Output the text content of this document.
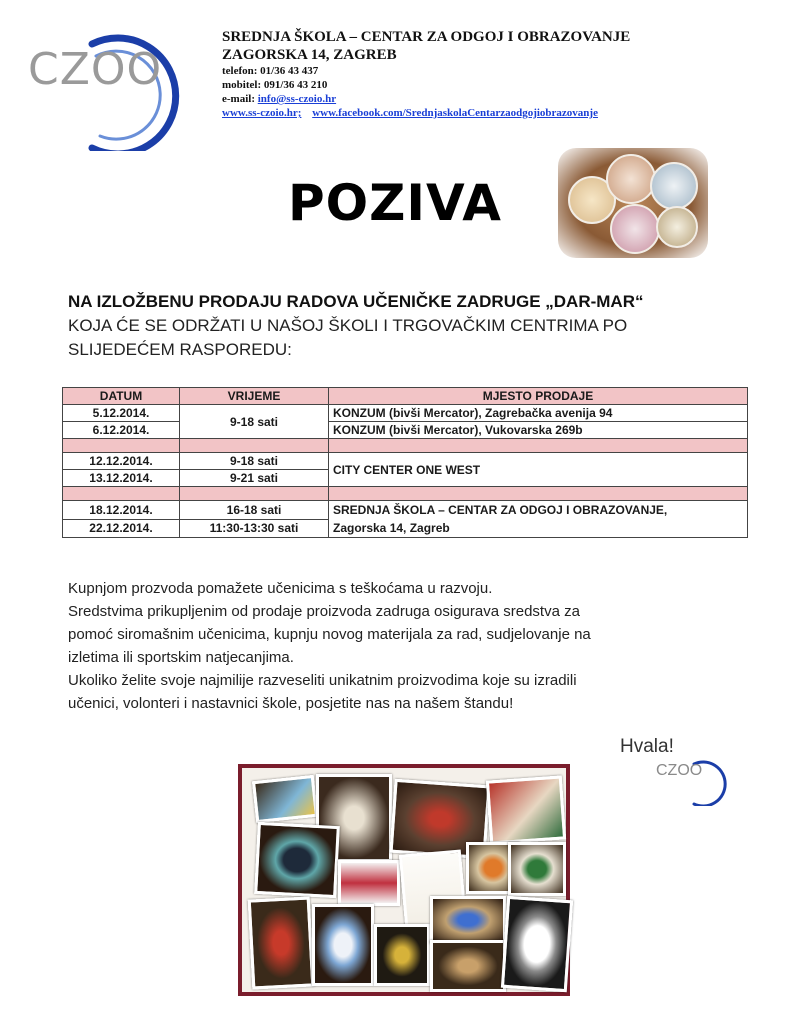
CZOO
SREDNJA ŠKOLA – CENTAR ZA ODGOJ I OBRAZOVANJE
ZAGORSKA 14, ZAGREB
telefon: 01/36 43 437
mobitel: 091/36 43 210
e-mail: info@ss-czoio.hr
www.ss-czoio.hr; www.facebook.com/SrednjaskolaCentarzaodgojiobrazovanje
POZIVA
NA IZLOŽBENU PRODAJU RADOVA UČENIČKE ZADRUGE „DAR-MAR“
KOJA ĆE SE ODRŽATI U NAŠOJ ŠKOLI I TRGOVAČKIM CENTRIMA PO
SLIJEDEĆEM RASPOREDU:
DATUM	VRIJEME	MJESTO PRODAJE
5.12.2014.	9-18 sati	KONZUM (bivši Mercator), Zagrebačka avenija 94
6.12.2014.		KONZUM (bivši Mercator), Vukovarska 269b

12.12.2014.	9-18 sati	CITY CENTER ONE WEST
13.12.2014.	9-21 sati	

18.12.2014.	16-18 sati	SREDNJA ŠKOLA – CENTAR ZA ODGOJ I OBRAZOVANJE,
Zagorska 14, Zagreb

22.12.2014.	11:30-13:30 sati	
Kupnjom prozvoda pomažete učenicima s teškoćama u razvoju.
Sredstvima prikupljenim od prodaje proizvoda zadruga osigurava sredstva za
pomoć siromašnim učenicima, kupnju novog materijala za rad, sudjelovanje na
izletima ili sportskim natjecanjima.
Ukoliko želite svoje najmilije razveseliti unikatnim proizvodima koje su izradili
učenici, volonteri i nastavnici škole, posjetite nas na našem štandu!
Hvala!
CZOO
